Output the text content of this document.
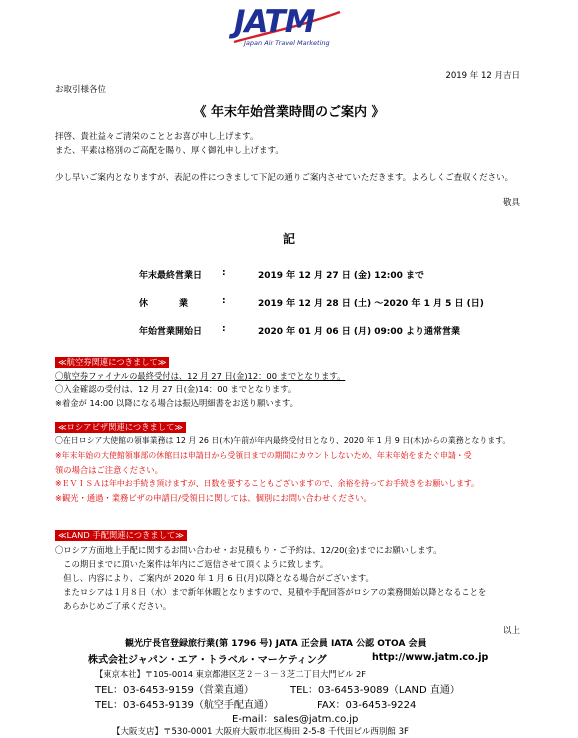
JATM
Japan Air Travel Marketing
2019 年 12 月吉日
お取引様各位
《 年末年始営業時間のご案内 》
拝啓、貴社益々ご清栄のこととお喜び申し上げます。
また、平素は格別のご高配を賜り、厚く御礼申し上げます。
少し早いご案内となりますが、表記の件につきまして下記の通りご案内させていただきます。よろしくご査収ください。
敬具
記
年末最終営業日 :	2019 年 12 月 27 日 (金) 12:00 まで
休　　　業	:	2019 年 12 月 28 日 (土) ～2020 年 1 月 5 日 (日)
年始営業開始日 :	2020 年 01 月 06 日 (月) 09:00 より通常営業
≪航空券関連につきまして≫
〇航空券ファイナルの最終受付は、12 月 27 日(金)12：00 までとなります。
〇入金確認の受付は、12 月 27 日(金)14：00 までとなります。
※着金が 14:00 以降になる場合は振込明細書をお送り願います。
≪ロシアビザ関連につきまして≫
〇在日ロシア大使館の領事業務は 12 月 26 日(木)午前が年内最終受付日となり、2020 年 1 月 9 日(木)からの業務となります。
※年末年始の大使館領事部の休館日は申請日から受領日までの期間にカウントしないため、年末年始をまたぐ申請・受
領の場合はご注意ください。
※ＥＶＩＳＡは年中お手続き頂けますが、日数を要することもございますので、余裕を持ってお手続きをお願いします。
※観光・通過・業務ビザの申請日/受領日に関しては、個別にお問い合わせください。
≪LAND 手配関連につきまして≫
〇ロシア方面地上手配に関するお問い合わせ・お見積もり・ご予約は、12/20(金)までにお願いします。
　この期日までに頂いた案件は年内にご返信させて頂くように致します。
　但し、内容により、ご案内が 2020 年 1 月 6 日(月)以降となる場合がございます。
　またロシアは１月８日（水）まで新年休暇となりますので、見積や手配回答がロシアの業務開始以降となることを
　あらかじめご了承ください。
以上
観光庁長官登録旅行業(第 1796 号) JATA 正会員 IATA 公認 OTOA 会員
株式会社ジャパン・エア・トラベル・マーケティング	http://www.jatm.co.jp
【東京本社】〒105-0014 東京都港区芝２－３－３芝二丁目大門ビル 2F
TEL：03-6453-9159（営業直通）	TEL：03-6453-9089（LAND 直通）
TEL：03-6453-9139（航空手配直通）	FAX：03-6453-9224
E-mail：sales@jatm.co.jp
【大阪支店】〒530-0001 大阪府大阪市北区梅田 2-5-8 千代田ビル西別館 3F
